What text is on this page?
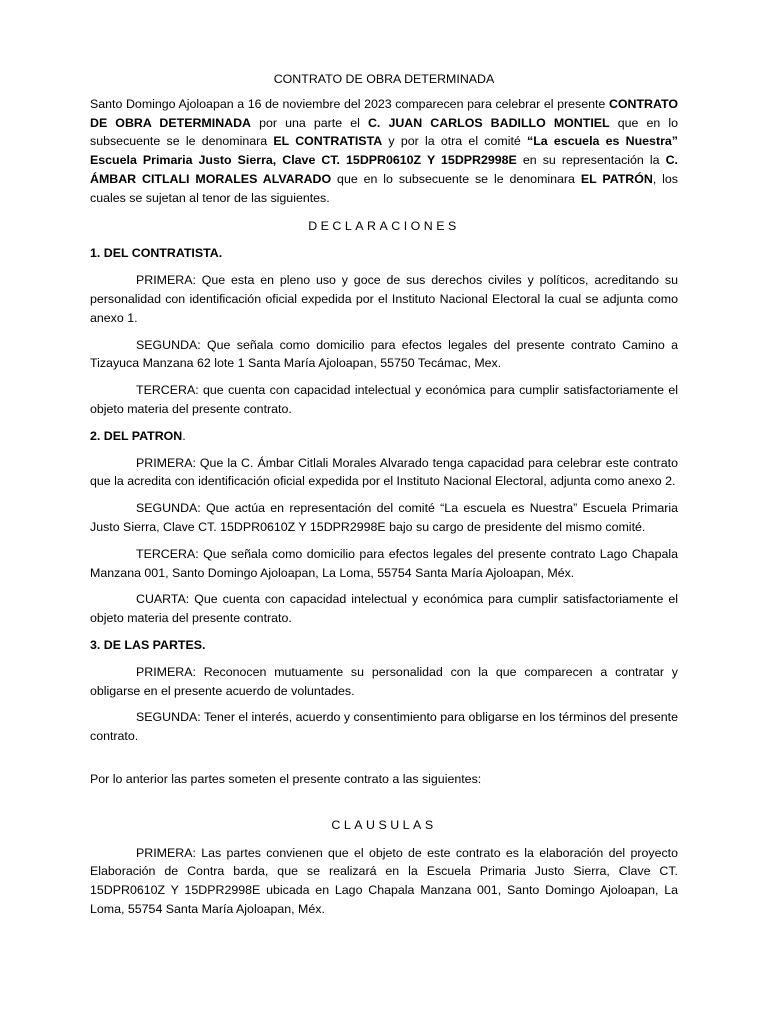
CONTRATO DE OBRA DETERMINADA

Santo Domingo Ajoloapan a 16 de noviembre del 2023 comparecen para celebrar el presente CONTRATO DE OBRA DETERMINADA por una parte el C. JUAN CARLOS BADILLO MONTIEL que en lo subsecuente se le denominara EL CONTRATISTA y por la otra el comité “La escuela es Nuestra” Escuela Primaria Justo Sierra, Clave CT. 15DPR0610Z Y 15DPR2998E en su representación la C. ÁMBAR CITLALI MORALES ALVARADO que en lo subsecuente se le denominara EL PATRÓN, los cuales se sujetan al tenor de las siguientes.

DECLARACIONES

1. DEL CONTRATISTA.

PRIMERA: Que esta en pleno uso y goce de sus derechos civiles y políticos, acreditando su personalidad con identificación oficial expedida por el Instituto Nacional Electoral la cual se adjunta como anexo 1.

SEGUNDA: Que señala como domicilio para efectos legales del presente contrato Camino a Tizayuca Manzana 62 lote 1 Santa María Ajoloapan, 55750 Tecámac, Mex.

TERCERA: que cuenta con capacidad intelectual y económica para cumplir satisfactoriamente el objeto materia del presente contrato.

2. DEL PATRON.

PRIMERA: Que la C. Ámbar Citlali Morales Alvarado tenga capacidad para celebrar este contrato que la acredita con identificación oficial expedida por el Instituto Nacional Electoral, adjunta como anexo 2.

SEGUNDA: Que actúa en representación del comité “La escuela es Nuestra” Escuela Primaria Justo Sierra, Clave CT. 15DPR0610Z Y 15DPR2998E bajo su cargo de presidente del mismo comité.

TERCERA: Que señala como domicilio para efectos legales del presente contrato Lago Chapala Manzana 001, Santo Domingo Ajoloapan, La Loma, 55754 Santa María Ajoloapan, Méx.

CUARTA: Que cuenta con capacidad intelectual y económica para cumplir satisfactoriamente el objeto materia del presente contrato.

3. DE LAS PARTES.

PRIMERA: Reconocen mutuamente su personalidad con la que comparecen a contratar y obligarse en el presente acuerdo de voluntades.

SEGUNDA: Tener el interés, acuerdo y consentimiento para obligarse en los términos del presente contrato.

Por lo anterior las partes someten el presente contrato a las siguientes:

CLAUSULAS

PRIMERA: Las partes convienen que el objeto de este contrato es la elaboración del proyecto Elaboración de Contra barda, que se realizará en la Escuela Primaria Justo Sierra, Clave CT. 15DPR0610Z Y 15DPR2998E ubicada en Lago Chapala Manzana 001, Santo Domingo Ajoloapan, La Loma, 55754 Santa María Ajoloapan, Méx.
